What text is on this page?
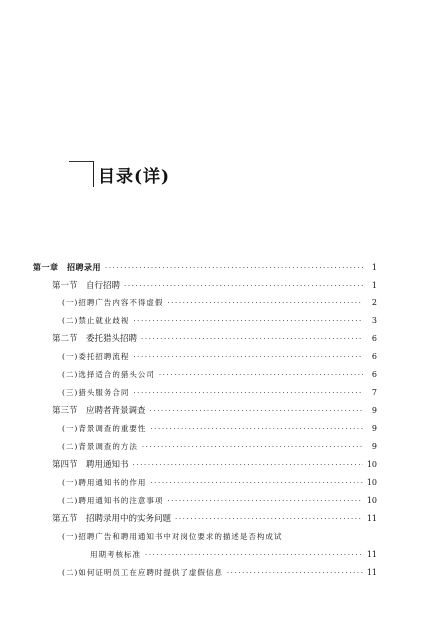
目录(详)
第一章　招聘录用 ·····	1
第一节　自行招聘 ·····	1
(一)招聘广告内容不得虚假 ·····	2
(二)禁止就业歧视 ·····	3
第二节　委托猎头招聘 ·····	6
(一)委托招聘流程 ·····	6
(二)选择适合的猎头公司 ·····	6
(三)猎头服务合同 ·····	7
第三节　应聘者背景调查 ·····	9
(一)背景调查的重要性 ·····	9
(二)背景调查的方法 ·····	9
第四节　聘用通知书 ·····	10
(一)聘用通知书的作用 ·····	10
(二)聘用通知书的注意事项 ·····	10
第五节　招聘录用中的实务问题 ·····	11
(一)招聘广告和聘用通知书中对岗位要求的描述是否构成试
用期考核标准 ·····	11
(二)如何证明员工在应聘时提供了虚假信息 ·····	11
